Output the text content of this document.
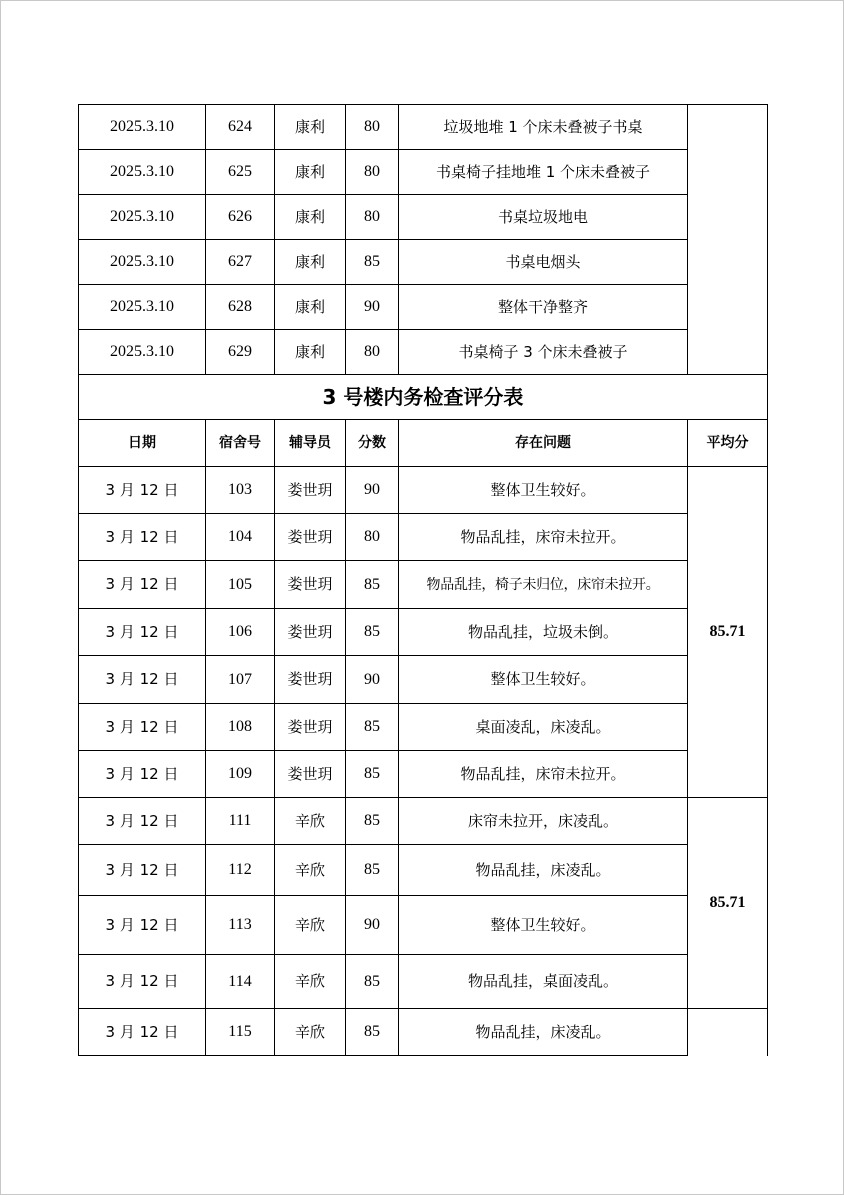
2025.3.10	624	康利	80	垃圾地堆 1 个床未叠被子书桌
2025.3.10	625	康利	80	书桌椅子挂地堆 1 个床未叠被子
2025.3.10	626	康利	80	书桌垃圾地电
2025.3.10	627	康利	85	书桌电烟头
2025.3.10	628	康利	90	整体干净整齐
2025.3.10	629	康利	80	书桌椅子 3 个床未叠被子
3 号楼内务检查评分表
日期	宿舍号	辅导员	分数	存在问题	平均分
3 月 12 日	103	娄世玥	90	整体卫生较好。
3 月 12 日	104	娄世玥	80	物品乱挂，床帘未拉开。
3 月 12 日	105	娄世玥	85	物品乱挂，椅子未归位，床帘未拉开。
3 月 12 日	106	娄世玥	85	物品乱挂，垃圾未倒。
3 月 12 日	107	娄世玥	90	整体卫生较好。
3 月 12 日	108	娄世玥	85	桌面凌乱，床凌乱。
3 月 12 日	109	娄世玥	85	物品乱挂，床帘未拉开。
85.71
3 月 12 日	111	辛欣	85	床帘未拉开，床凌乱。
3 月 12 日	112	辛欣	85	物品乱挂，床凌乱。
3 月 12 日	113	辛欣	90	整体卫生较好。
3 月 12 日	114	辛欣	85	物品乱挂，桌面凌乱。
85.71
3 月 12 日	115	辛欣	85	物品乱挂，床凌乱。
